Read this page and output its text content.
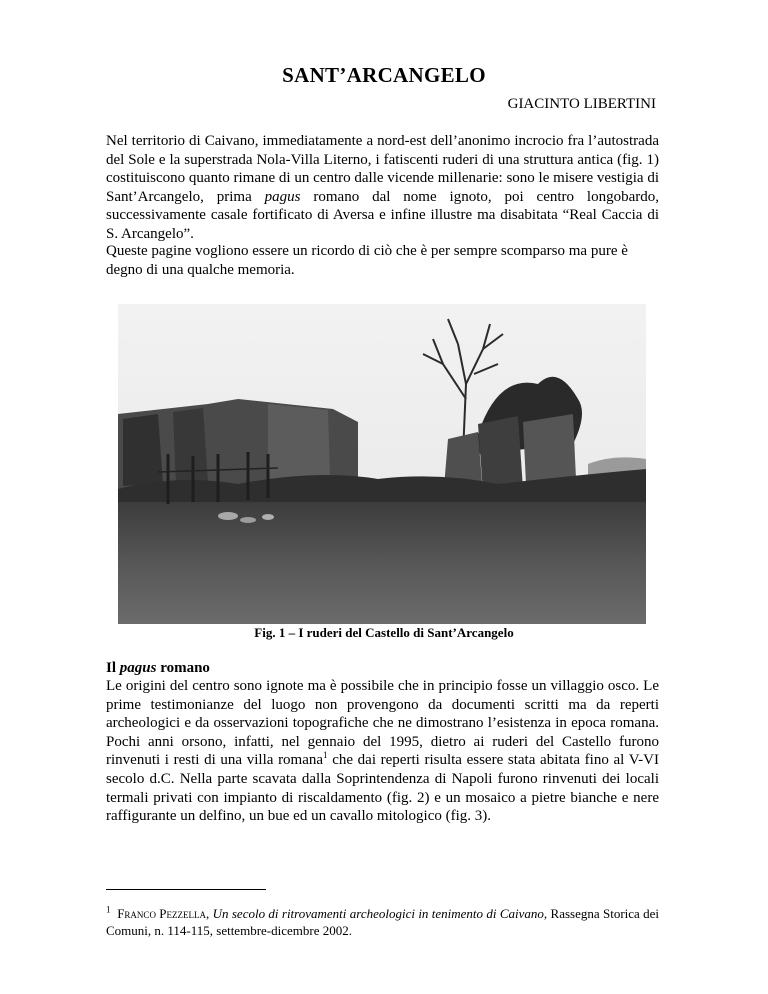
SANT’ARCANGELO
GIACINTO LIBERTINI
Nel territorio di Caivano, immediatamente a nord-est dell’anonimo incrocio fra l’autostrada del Sole e la superstrada Nola-Villa Literno, i fatiscenti ruderi di una struttura antica (fig. 1) costituiscono quanto rimane di un centro dalle vicende millenarie: sono le misere vestigia di Sant’Arcangelo, prima pagus romano dal nome ignoto, poi centro longobardo, successivamente casale fortificato di Aversa e infine illustre ma disabitata “Real Caccia di S. Arcangelo”.
Queste pagine vogliono essere un ricordo di ciò che è per sempre scomparso ma pure è degno di una qualche memoria.
Fig. 1 – I ruderi del Castello di Sant’Arcangelo
Il pagus romano
Le origini del centro sono ignote ma è possibile che in principio fosse un villaggio osco. Le prime testimonianze del luogo non provengono da documenti scritti ma da reperti archeologici e da osservazioni topografiche che ne dimostrano l’esistenza in epoca romana. Pochi anni orsono, infatti, nel gennaio del 1995, dietro ai ruderi del Castello furono rinvenuti i resti di una villa romana$^1$ che dai reperti risulta essere stata abitata fino al V-VI secolo d.C. Nella parte scavata dalla Soprintendenza di Napoli furono rinvenuti dei locali termali privati con impianto di riscaldamento (fig. 2) e un mosaico a pietre bianche e nere raffigurante un delfino, un bue ed un cavallo mitologico (fig. 3).
$^1$ Franco Pezzella, Un secolo di ritrovamenti archeologici in tenimento di Caivano, Rassegna Storica dei Comuni, n. 114-115, settembre-dicembre 2002.
